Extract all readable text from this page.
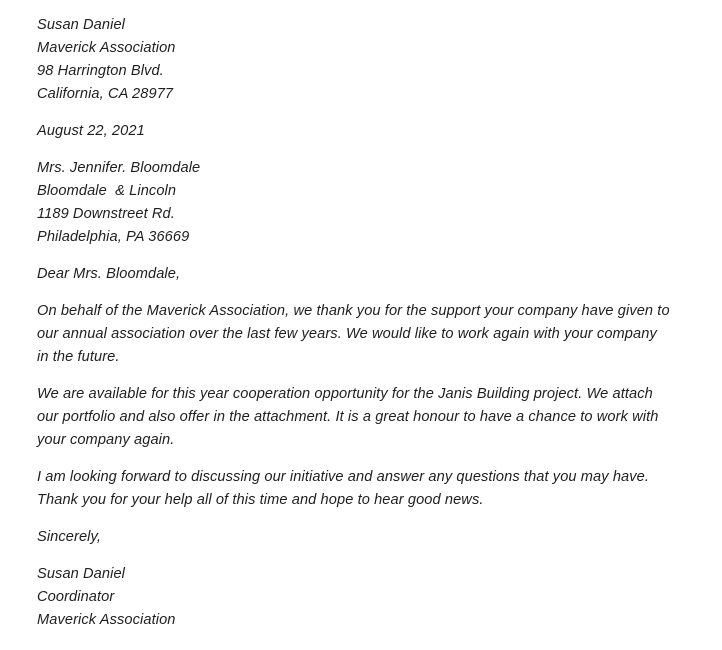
Susan Daniel
Maverick Association
98 Harrington Blvd.
California, CA 28977
August 22, 2021
Mrs. Jennifer. Bloomdale
Bloomdale  & Lincoln
1189 Downstreet Rd.
Philadelphia, PA 36669
Dear Mrs. Bloomdale,
On behalf of the Maverick Association, we thank you for the support your company have given to
our annual association over the last few years. We would like to work again with your company
in the future.
We are available for this year cooperation opportunity for the Janis Building project. We attach
our portfolio and also offer in the attachment. It is a great honour to have a chance to work with
your company again.
I am looking forward to discussing our initiative and answer any questions that you may have.
Thank you for your help all of this time and hope to hear good news.
Sincerely,
Susan Daniel
Coordinator
Maverick Association
